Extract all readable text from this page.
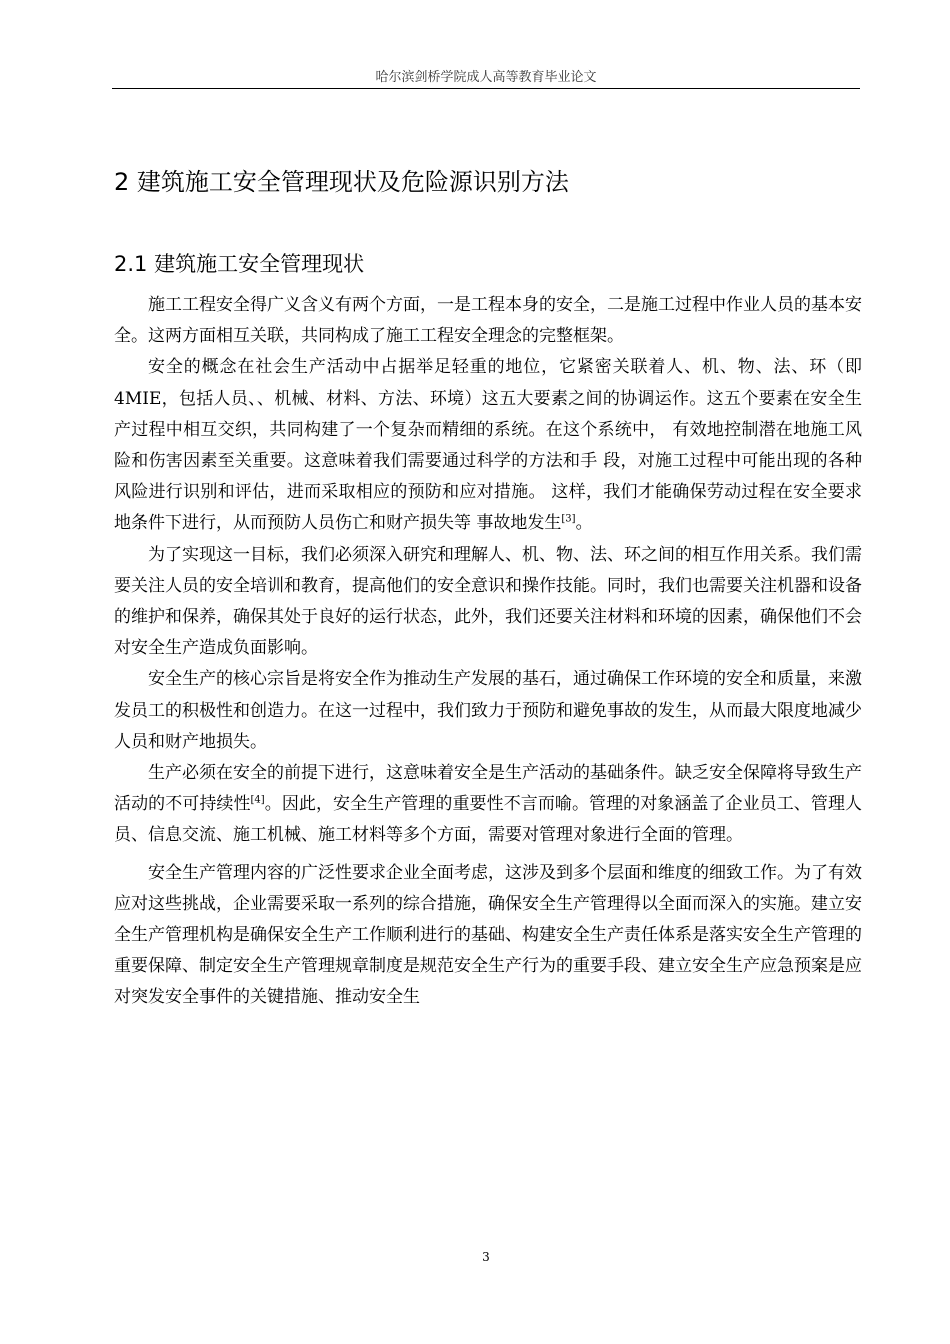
哈尔滨剑桥学院成人高等教育毕业论文
2 建筑施工安全管理现状及危险源识别方法
2.1 建筑施工安全管理现状

施工工程安全得广义含义有两个方面，一是工程本身的安全，二是施工过程中作业人员的基本安全。这两方面相互关联，共同构成了施工工程安全理念的完整框架。

安全的概念在社会生产活动中占据举足轻重的地位，它紧密关联着人、机、物、法、环（即 4MIE，包括人员、、机械、材料、方法、环境）这五大要素之间的协调运作。这五个要素在安全生产过程中相互交织，共同构建了一个复杂而精细的系统。在这个系统中， 有效地控制潜在地施工风险和伤害因素至关重要。这意味着我们需要通过科学的方法和手 段，对施工过程中可能出现的各种风险进行识别和评估，进而采取相应的预防和应对措施。 这样，我们才能确保劳动过程在安全要求地条件下进行，从而预防人员伤亡和财产损失等 事故地发生[3]。

为了实现这一目标，我们必须深入研究和理解人、机、物、法、环之间的相互作用关系。我们需要关注人员的安全培训和教育，提高他们的安全意识和操作技能。同时，我们也需要关注机器和设备的维护和保养，确保其处于良好的运行状态，此外，我们还要关注材料和环境的因素，确保他们不会对安全生产造成负面影响。

安全生产的核心宗旨是将安全作为推动生产发展的基石，通过确保工作环境的安全和质量，来激发员工的积极性和创造力。在这一过程中，我们致力于预防和避免事故的发生，从而最大限度地减少人员和财产地损失。

生产必须在安全的前提下进行，这意味着安全是生产活动的基础条件。缺乏安全保障将导致生产活动的不可持续性[4]。因此，安全生产管理的重要性不言而喻。管理的对象涵盖了企业员工、管理人员、信息交流、施工机械、施工材料等多个方面，需要对管理对象进行全面的管理。

安全生产管理内容的广泛性要求企业全面考虑，这涉及到多个层面和维度的细致工作。为了有效应对这些挑战，企业需要采取一系列的综合措施，确保安全生产管理得以全面而深入的实施。建立安全生产管理机构是确保安全生产工作顺利进行的基础、构建安全生产责任体系是落实安全生产管理的重要保障、制定安全生产管理规章制度是规范安全生产行为的重要手段、建立安全生产应急预案是应对突发安全事件的关键措施、推动安全生

3
